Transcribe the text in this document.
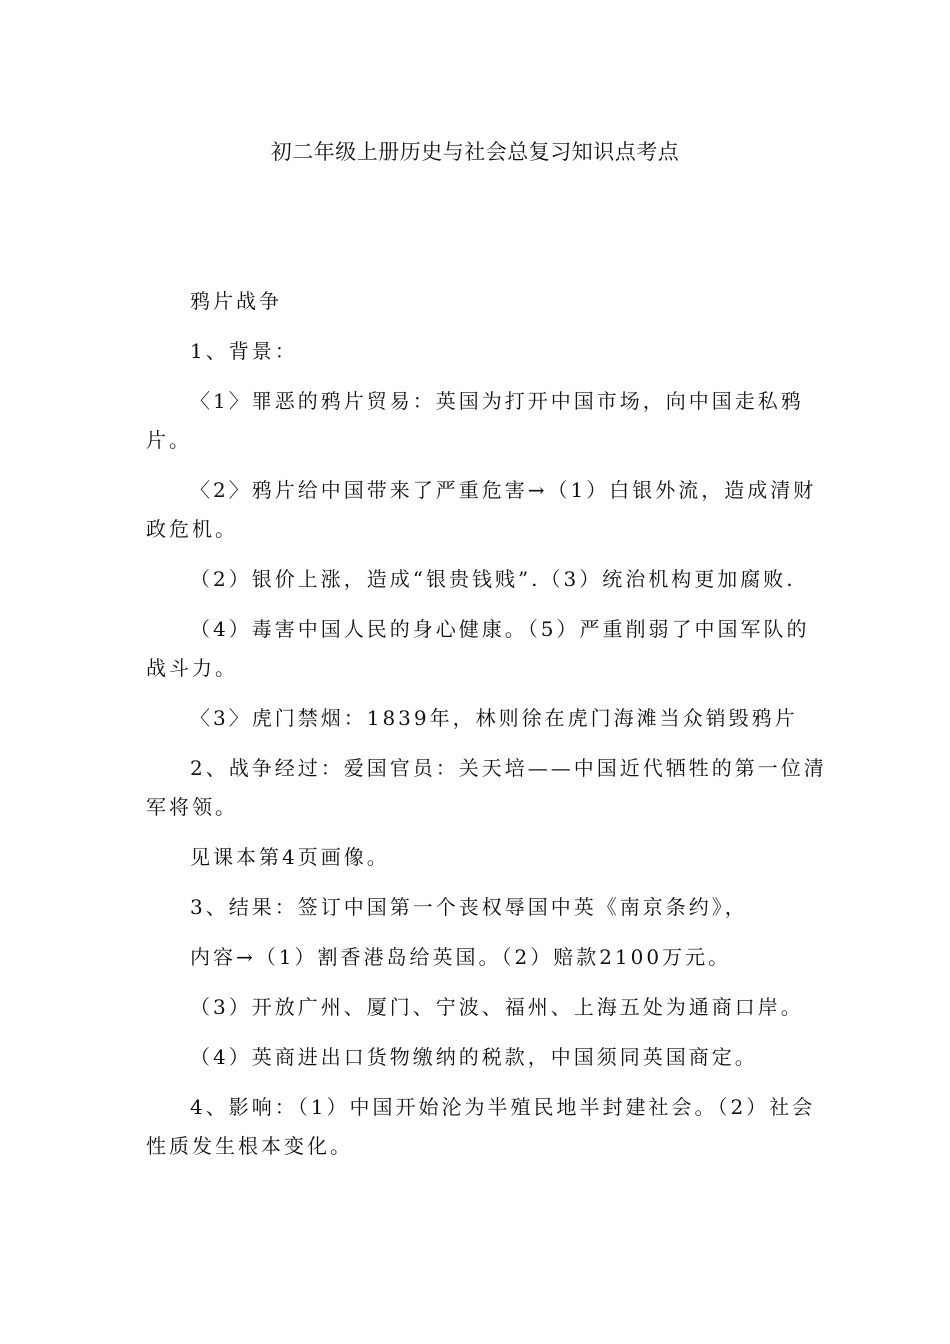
初二年级上册历史与社会总复习知识点考点
鸦片战争
1、背景：
〈1〉罪恶的鸦片贸易：英国为打开中国市场，向中国走私鸦
片。
〈2〉鸦片给中国带来了严重危害→（1）白银外流，造成清财
政危机。
（2）银价上涨，造成“银贵钱贱”.（3）统治机构更加腐败.
（4）毒害中国人民的身心健康。（5）严重削弱了中国军队的
战斗力。
〈3〉虎门禁烟：1839年，林则徐在虎门海滩当众销毁鸦片
2、战争经过：爱国官员：关天培——中国近代牺牲的第一位清
军将领。
见课本第4页画像。
3、结果：签订中国第一个丧权辱国中英《南京条约》，
内容→（1）割香港岛给英国。（2）赔款2100万元。
（3）开放广州、厦门、宁波、福州、上海五处为通商口岸。
（4）英商进出口货物缴纳的税款，中国须同英国商定。
4、影响：（1）中国开始沦为半殖民地半封建社会。（2）社会
性质发生根本变化。
